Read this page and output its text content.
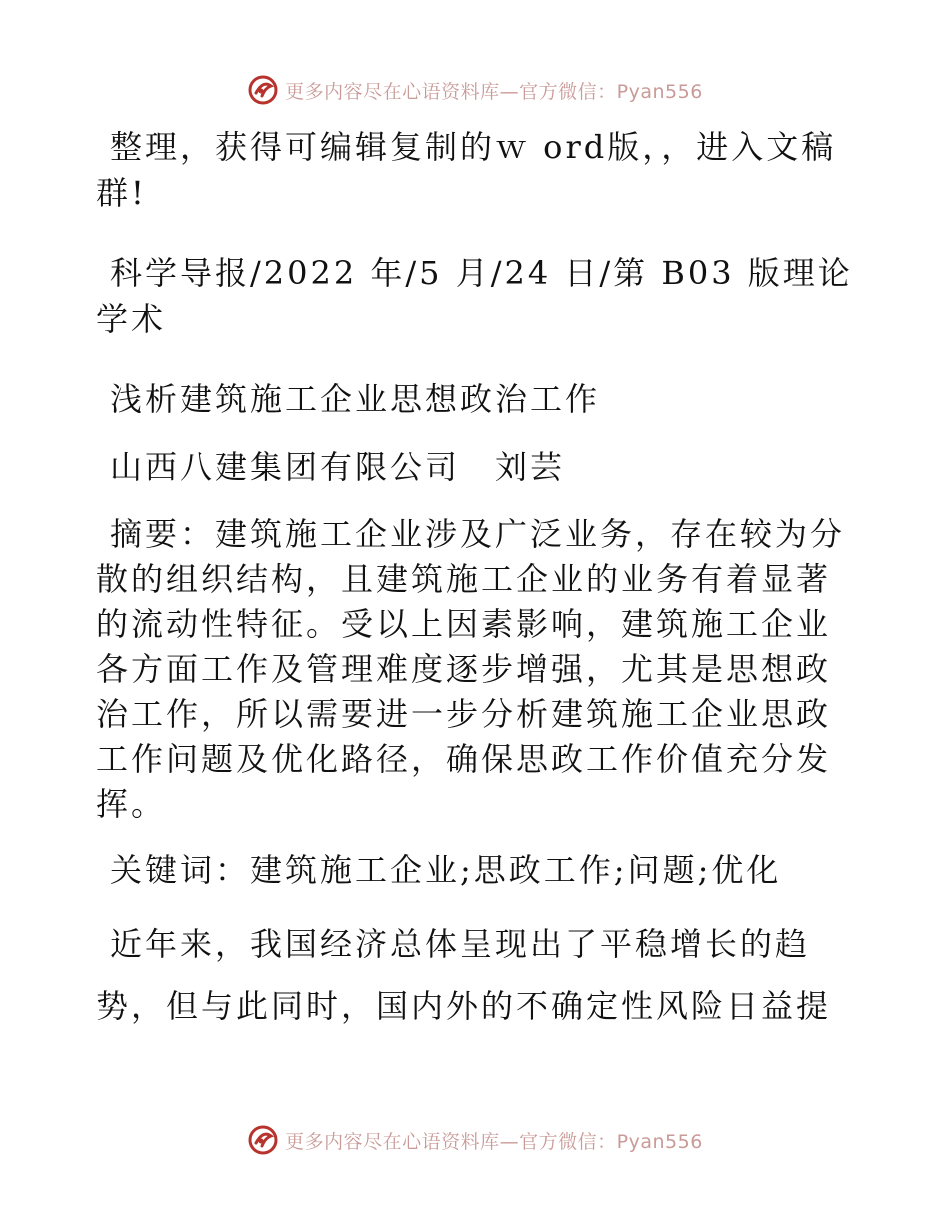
更多内容尽在心语资料库—官方微信：Pyan556

整理，获得可编辑复制的ｗ ord版，，进入文稿群!

科学导报/2022 年/5 月/24 日/第 B03 版理论学术

浅析建筑施工企业思想政治工作

山西八建集团有限公司　刘芸

摘要：建筑施工企业涉及广泛业务，存在较为分散的组织结构，且建筑施工企业的业务有着显著的流动性特征。受以上因素影响，建筑施工企业各方面工作及管理难度逐步增强，尤其是思想政治工作，所以需要进一步分析建筑施工企业思政工作问题及优化路径，确保思政工作价值充分发挥。

关键词：建筑施工企业;思政工作;问题;优化

近年来，我国经济总体呈现出了平稳增长的趋势，但与此同时，国内外的不确定性风险日益提

更多内容尽在心语资料库—官方微信：Pyan556
